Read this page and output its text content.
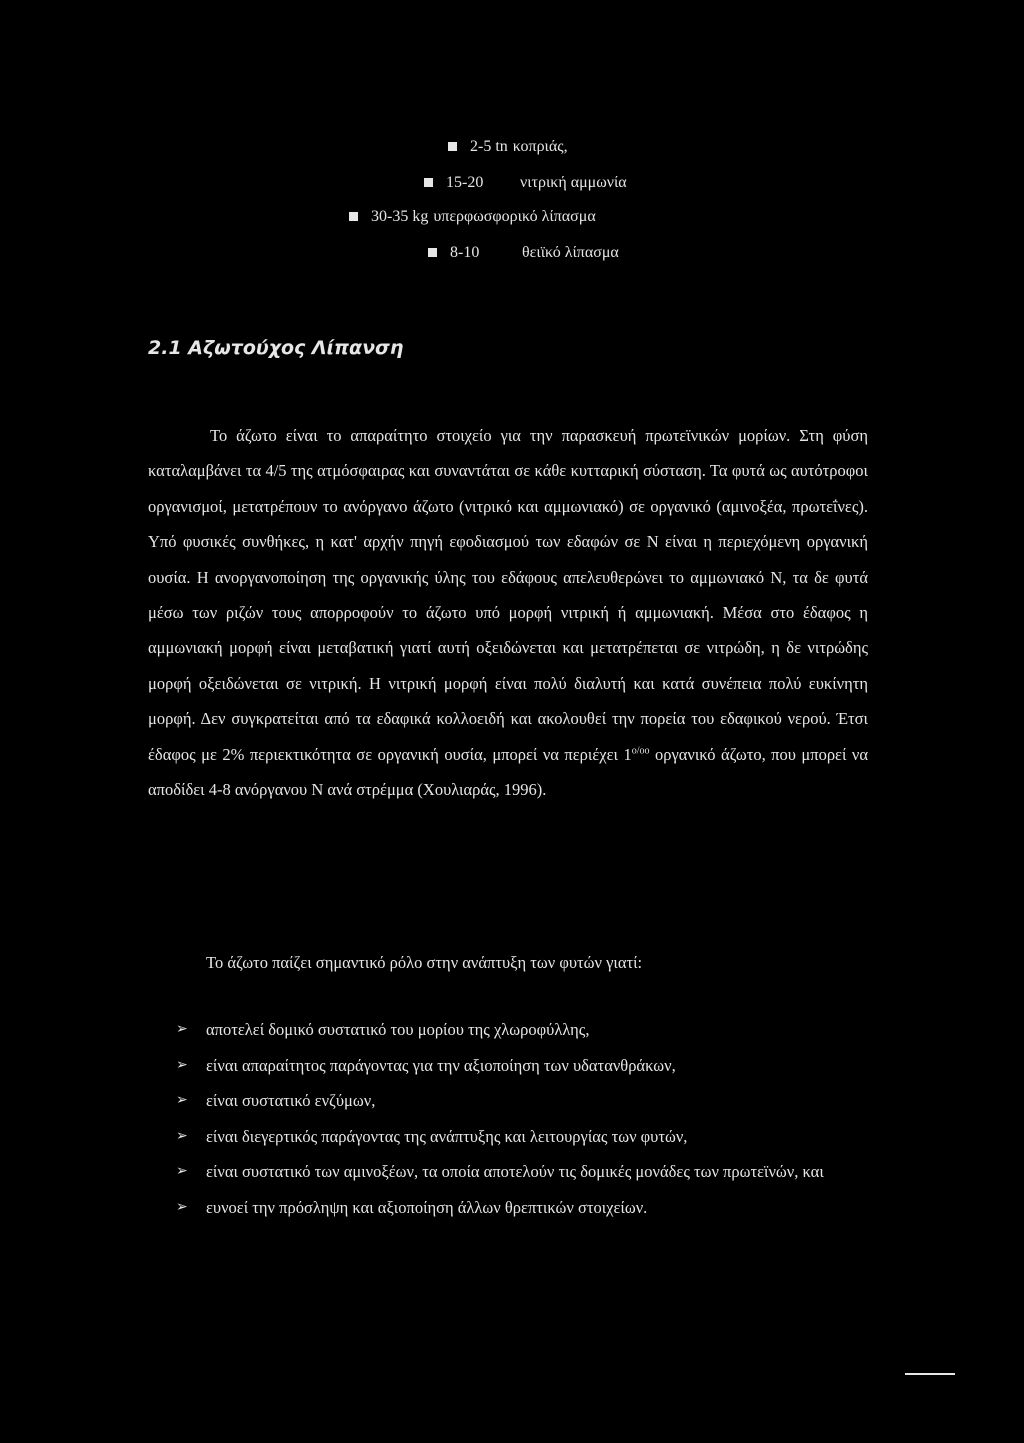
2-5 tn κοπριάς,
15-20	νιτρική αμμωνία
30-35 kg υπερφωσφορικό λίπασμα
8-10	θειϊκό λίπασμα
2.1 Αζωτούχος Λίπανση
Το άζωτο είναι το απαραίτητο στοιχείο για την παρασκευή πρωτεϊνικών μορίων. Στη φύση καταλαμβάνει τα 4/5 της ατμόσφαιρας και συναντάται σε κάθε κυτταρική σύσταση. Τα φυτά ως αυτότροφοι οργανισμοί, μετατρέπουν το ανόργανο άζωτο (νιτρικό και αμμωνιακό) σε οργανικό (αμινοξέα, πρωτεΐνες). Υπό φυσικές συνθήκες, η κατ' αρχήν πηγή εφοδιασμού των εδαφών σε Ν είναι η περιεχόμενη οργανική ουσία. Η ανοργανοποίηση της οργανικής ύλης του εδάφους απελευθερώνει το αμμωνιακό Ν, τα δε φυτά μέσω των ριζών τους απορροφούν το άζωτο υπό μορφή νιτρική ή αμμωνιακή. Μέσα στο έδαφος η αμμωνιακή μορφή είναι μεταβατική γιατί αυτή οξειδώνεται και μετατρέπεται σε νιτρώδη, η δε νιτρώδης μορφή οξειδώνεται σε νιτρική. Η νιτρική μορφή είναι πολύ διαλυτή και κατά συνέπεια πολύ ευκίνητη μορφή. Δεν συγκρατείται από τα εδαφικά κολλοειδή και ακολουθεί την πορεία του εδαφικού νερού. Έτσι έδαφος με 2% περιεκτικότητα σε οργανική ουσία, μπορεί να περιέχει $1^{o/oo}$ οργανικό άζωτο, που μπορεί να αποδίδει 4-8 ανόργανου Ν ανά στρέμμα (Χουλιαράς, 1996).
Το άζωτο παίζει σημαντικό ρόλο στην ανάπτυξη των φυτών γιατί:
➢ αποτελεί δομικό συστατικό του μορίου της χλωροφύλλης,
➢ είναι απαραίτητος παράγοντας για την αξιοποίηση των υδατανθράκων,
➢ είναι συστατικό ενζύμων,
➢ είναι διεγερτικός παράγοντας της ανάπτυξης και λειτουργίας των φυτών,
➢ είναι συστατικό των αμινοξέων, τα οποία αποτελούν τις δομικές μονάδες των πρωτεϊνών, και
➢ ευνοεί την πρόσληψη και αξιοποίηση άλλων θρεπτικών στοιχείων.
